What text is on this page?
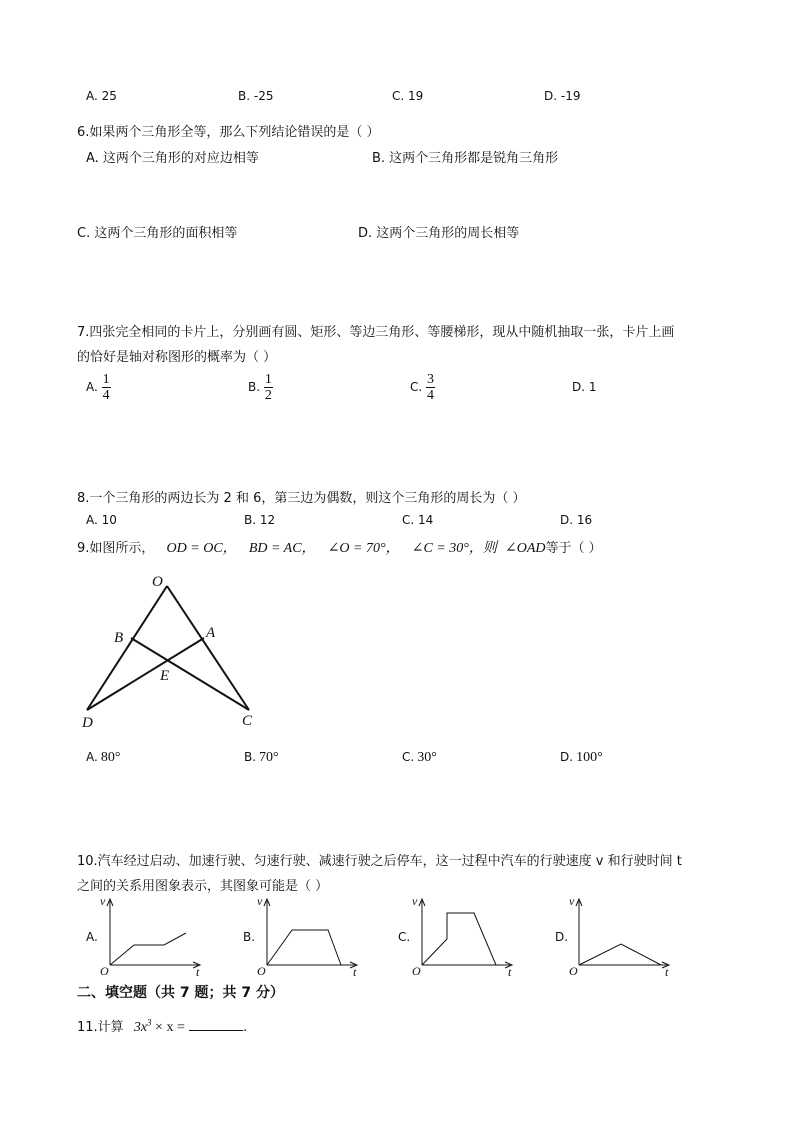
A. 25	B. -25	C. 19	D. -19
6.如果两个三角形全等，那么下列结论错误的是（ ）
A. 这两个三角形的对应边相等	B. 这两个三角形都是锐角三角形
C. 这两个三角形的面积相等	D. 这两个三角形的周长相等
7.四张完全相同的卡片上，分别画有圆、矩形、等边三角形、等腰梯形，现从中随机抽取一张，卡片上画
的恰好是轴对称图形的概率为（ ）
A. $\frac{1}{4}$	B. $\frac{1}{2}$	C. $\frac{3}{4}$	D. 1
8.一个三角形的两边长为 2 和 6，第三边为偶数，则这个三角形的周长为（ ）
A. 10	B. 12	C. 14	D. 16
9.如图所示， OD = OC， BD = AC， ∠O = 70°， ∠C = 30°，则 ∠OAD等于（ ）
O
A
B
E
D	C
A. 80°	B. 70°	C. 30°	D. 100°
10.汽车经过启动、加速行驶、匀速行驶、减速行驶之后停车，这一过程中汽车的行驶速度 v 和行驶时间 t
之间的关系用图象表示，其图象可能是（ ）
A.
v
O	t
B.
v
O	t
C.
v
O	t
D.
v
O	t
二、填空题（共 7 题；共 7 分）
11.计算 $3x^3 \times x$ =	.
